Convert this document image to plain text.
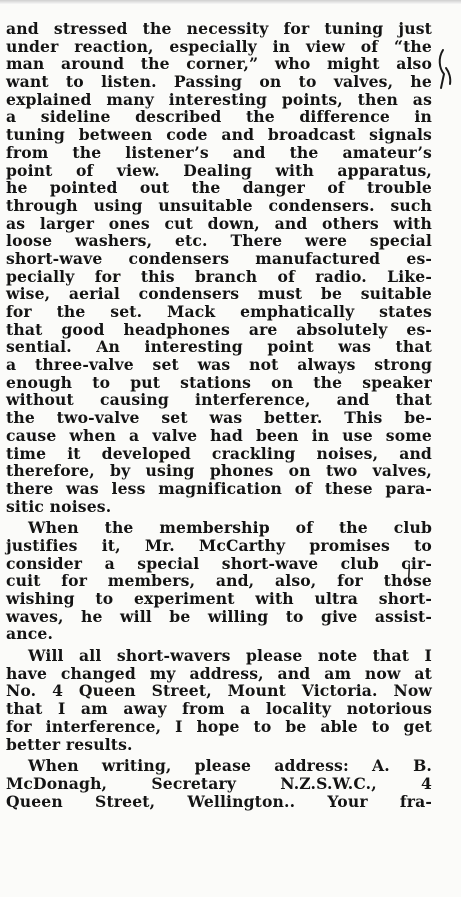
and stressed the necessity for tuning just
under reaction, especially in view of “the
man around the corner,” who might also
want to listen. Passing on to valves, he
explained many interesting points, then as
a sideline described the difference in
tuning between code and broadcast signals
from the listener’s and the amateur’s
point of view. Dealing with apparatus,
he pointed out the danger of trouble
through using unsuitable condensers. such
as larger ones cut down, and others with
loose washers, etc. There were special
short-wave condensers manufactured es-
pecially for this branch of radio. Like-
wise, aerial condensers must be suitable
for the set. Mack emphatically states
that good headphones are absolutely es-
sential. An interesting point was that
a three-valve set was not always strong
enough to put stations on the speaker
without causing interference, and that
the two-valve set was better. This be-
cause when a valve had been in use some
time it developed crackling noises, and
therefore, by using phones on two valves,
there was less magnification of these para-
sitic noises.
When the membership of the club
justifies it, Mr. McCarthy promises to
consider a special short-wave club cir-
cuit for members, and, also, for those
wishing to experiment with ultra short-
waves, he will be willing to give assist-
ance.
Will all short-wavers please note that I
have changed my address, and am now at
No. 4 Queen Street, Mount Victoria. Now
that I am away from a locality notorious
for interference, I hope to be able to get
better results.
When writing, please address: A. B.
McDonagh, Secretary N.Z.S.W.C., 4
Queen Street, Wellington.. Your fra-
